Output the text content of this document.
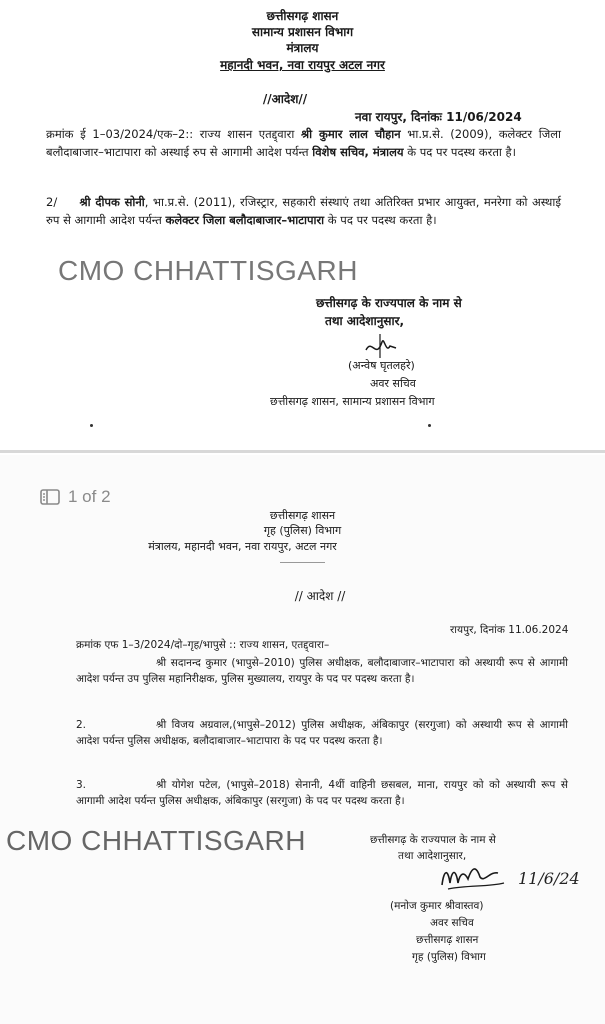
छत्तीसगढ़ शासन
सामान्य प्रशासन विभाग
मंत्रालय
महानदी भवन, नवा रायपुर अटल नगर
//आदेश//
नवा रायपुर, दिनांकः 11/06/2024
क्रमांक ई 1–03/2024/एक–2:: राज्य शासन एतद्द्वारा श्री कुमार लाल चौहान भा.प्र.से. (2009), कलेक्टर जिला बलौदाबाजार–भाटापारा को अस्थाई रुप से आगामी आदेश पर्यन्त विशेष सचिव, मंत्रालय के पद पर पदस्थ करता है।
2/ श्री दीपक सोनी, भा.प्र.से. (2011), रजिस्ट्रार, सहकारी संस्थाएं तथा अतिरिक्त प्रभार आयुक्त, मनरेगा को अस्थाई रुप से आगामी आदेश पर्यन्त कलेक्टर जिला बलौदाबाजार–भाटापारा के पद पर पदस्थ करता है।
CMO CHHATTISGARH
छत्तीसगढ़ के राज्यपाल के नाम से
तथा आदेशानुसार,
(अन्वेष घृतलहरे)
अवर सचिव
छत्तीसगढ़ शासन, सामान्य प्रशासन विभाग
1 of 2
छत्तीसगढ़ शासन
गृह (पुलिस) विभाग
मंत्रालय, महानदी भवन, नवा रायपुर, अटल नगर
// आदेश //
रायपुर, दिनांक 11.06.2024
क्रमांक एफ 1–3/2024/दो–गृह/भापुसे :: राज्य शासन, एतद्द्वारा–
श्री सदानन्द कुमार (भापुसे–2010) पुलिस अधीक्षक, बलौदाबाजार–भाटापारा को अस्थायी रूप से आगामी आदेश पर्यन्त उप पुलिस महानिरीक्षक, पुलिस मुख्यालय, रायपुर के पद पर पदस्थ करता है।
2.	श्री विजय अग्रवाल,(भापुसे–2012) पुलिस अधीक्षक, अंबिकापुर (सरगुजा) को अस्थायी रूप से आगामी आदेश पर्यन्त पुलिस अधीक्षक, बलौदाबाजार–भाटापारा के पद पर पदस्थ करता है।
3.	श्री योगेश पटेल, (भापुसे–2018) सेनानी, 4थीं वाहिनी छसबल, माना, रायपुर को को अस्थायी रूप से आगामी आदेश पर्यन्त पुलिस अधीक्षक, अंबिकापुर (सरगुजा) के पद पर पदस्थ करता है।
CMO CHHATTISGARH	छत्तीसगढ़ के राज्यपाल के नाम से
तथा आदेशानुसार,
11/6/24
(मनोज कुमार श्रीवास्तव)
अवर सचिव
छत्तीसगढ़ शासन
गृह (पुलिस) विभाग
